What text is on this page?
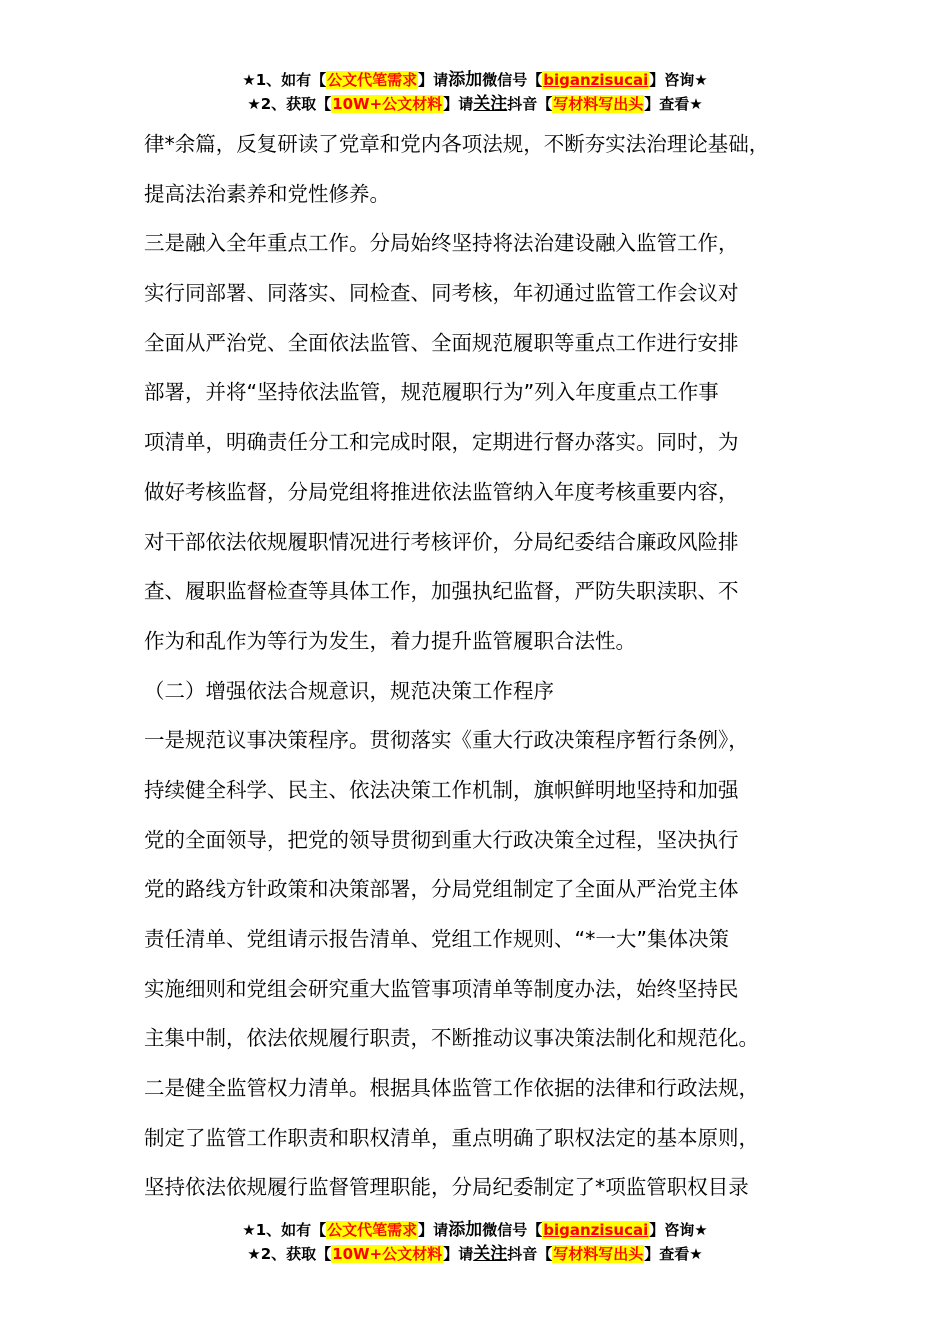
★1、如有【公文代笔需求】请添加微信号【biganzisucai】咨询★
★2、获取【10W+公文材料】请关注抖音【写材料写出头】查看★
律*余篇，反复研读了党章和党内各项法规，不断夯实法治理论基础，
提高法治素养和党性修养。
三是融入全年重点工作。分局始终坚持将法治建设融入监管工作，
实行同部署、同落实、同检查、同考核，年初通过监管工作会议对
全面从严治党、全面依法监管、全面规范履职等重点工作进行安排
部署，并将“坚持依法监管，规范履职行为”列入年度重点工作事
项清单，明确责任分工和完成时限，定期进行督办落实。同时，为
做好考核监督，分局党组将推进依法监管纳入年度考核重要内容，
对干部依法依规履职情况进行考核评价，分局纪委结合廉政风险排
查、履职监督检查等具体工作，加强执纪监督，严防失职渎职、不
作为和乱作为等行为发生，着力提升监管履职合法性。
（二）增强依法合规意识，规范决策工作程序
一是规范议事决策程序。贯彻落实《重大行政决策程序暂行条例》，
持续健全科学、民主、依法决策工作机制，旗帜鲜明地坚持和加强
党的全面领导，把党的领导贯彻到重大行政决策全过程，坚决执行
党的路线方针政策和决策部署，分局党组制定了全面从严治党主体
责任清单、党组请示报告清单、党组工作规则、“*一大”集体决策
实施细则和党组会研究重大监管事项清单等制度办法，始终坚持民
主集中制，依法依规履行职责，不断推动议事决策法制化和规范化。
二是健全监管权力清单。根据具体监管工作依据的法律和行政法规，
制定了监管工作职责和职权清单，重点明确了职权法定的基本原则，
坚持依法依规履行监督管理职能，分局纪委制定了*项监管职权目录
★1、如有【公文代笔需求】请添加微信号【biganzisucai】咨询★
★2、获取【10W+公文材料】请关注抖音【写材料写出头】查看★
